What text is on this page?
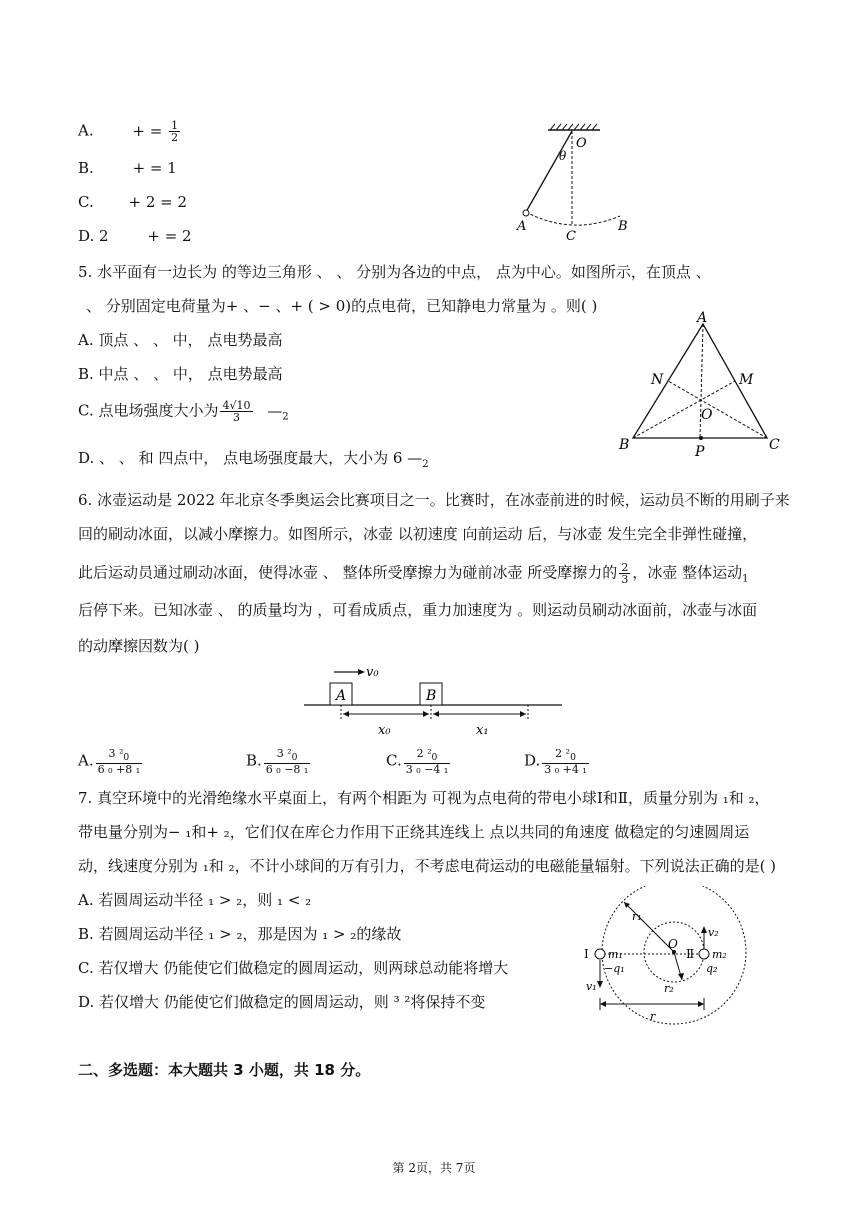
A.	+ = $\frac{1}{2}$
B.	+ = 1
C. + 2 = 2
D. 2	+ = 2
O
θ
A
C
B
5. 水平面有一边长为 的等边三角形 、 、 分别为各边的中点， 点为中心。如图所示，在顶点 、
、 分别固定电荷量为+ 、− 、+ ( > 0)的点电荷，已知静电力常量为 。则( )
A. 顶点 、 、 中， 点电势最高
B. 中点 、 、 中， 点电势最高
C. 点电场强度大小为 $\frac{4√10}{3}$ $—_2$
D. 、 、 和 四点中， 点电场强度最大，大小为 6 $—_2$
A
N	M
O
B	P	C
6. 冰壶运动是 2022 年北京冬季奥运会比赛项目之一。比赛时，在冰壶前进的时候，运动员不断的用刷子来
回的刷动冰面，以减小摩擦力。如图所示，冰壶 以初速度 向前运动 后，与冰壶 发生完全非弹性碰撞，
此后运动员通过刷动冰面，使得冰壶 、 整体所受摩擦力为碰前冰壶 所受摩擦力的 $\frac{2}{3}$ ，冰壶 整体运动$_1$
后停下来。已知冰壶 、 的质量均为 ，可看成质点，重力加速度为 。则运动员刷动冰面前，冰壶与冰面
的动摩擦因数为( )
v₀
A	B
x₀	x₁
A. $\frac{3 ^2_0}{\text{6 ₀ +8 ₁}}$	B. $\frac{3 ^2_0}{\text{6 ₀ −8 ₁}}$	C. $\frac{2 ^2_0}{\text{3 ₀ −4 ₁}}$	D. $\frac{2 ^2_0}{\text{3 ₀ +4 ₁}}$
7. 真空环境中的光滑绝缘水平桌面上，有两个相距为 可视为点电荷的带电小球Ⅰ和Ⅱ，质量分别为 ₁和 ₂，
带电量分别为− ₁和+ ₂，它们仅在库仑力作用下正绕其连线上 点以共同的角速度 做稳定的匀速圆周运
动，线速度分别为 ₁和 ₂，不计小球间的万有引力，不考虑电荷运动的电磁能量辐射。下列说法正确的是( )
A. 若圆周运动半径 ₁ > ₂，则 ₁ < ₂
B. 若圆周运动半径 ₁ > ₂，那是因为 ₁ > ₂的缘故
C. 若仅增大 仍能使它们做稳定的圆周运动，则两球总动能将增大
D. 若仅增大 仍能使它们做稳定的圆周运动，则 ³ ²将保持不变
r₁
v₂
Ⅰ m₁
O
Ⅱ m₂
−q₁
r₂
q₂
v₁
r
二、多选题：本大题共 3 小题，共 18 分。
第 2页，共 7页
